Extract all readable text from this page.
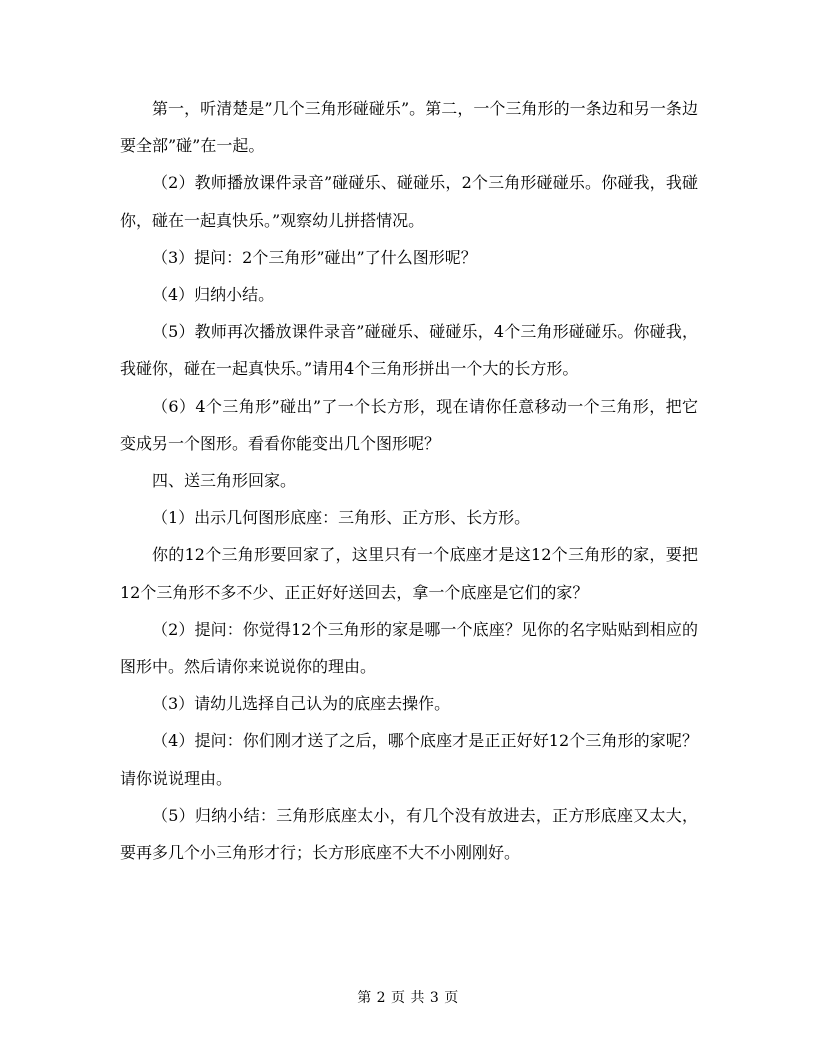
第一，听清楚是”几个三角形碰碰乐”。第二，一个三角形的一条边和另一条边要全部”碰”在一起。

（2）教师播放课件录音”碰碰乐、碰碰乐，2个三角形碰碰乐。你碰我，我碰你，碰在一起真快乐。”观察幼儿拼搭情况。

（3）提问：2个三角形”碰出”了什么图形呢？

（4）归纳小结。

（5）教师再次播放课件录音”碰碰乐、碰碰乐，4个三角形碰碰乐。你碰我，我碰你，碰在一起真快乐。”请用4个三角形拼出一个大的长方形。

（6）4个三角形”碰出”了一个长方形，现在请你任意移动一个三角形，把它变成另一个图形。看看你能变出几个图形呢？

四、送三角形回家。

（1）出示几何图形底座：三角形、正方形、长方形。

你的12个三角形要回家了，这里只有一个底座才是这12个三角形的家，要把12个三角形不多不少、正正好好送回去，拿一个底座是它们的家？

（2）提问：你觉得12个三角形的家是哪一个底座？见你的名字贴贴到相应的图形中。然后请你来说说你的理由。

（3）请幼儿选择自己认为的底座去操作。

（4）提问：你们刚才送了之后，哪个底座才是正正好好12个三角形的家呢？请你说说理由。

（5）归纳小结：三角形底座太小，有几个没有放进去，正方形底座又太大，要再多几个小三角形才行；长方形底座不大不小刚刚好。

第 2 页 共 3 页
